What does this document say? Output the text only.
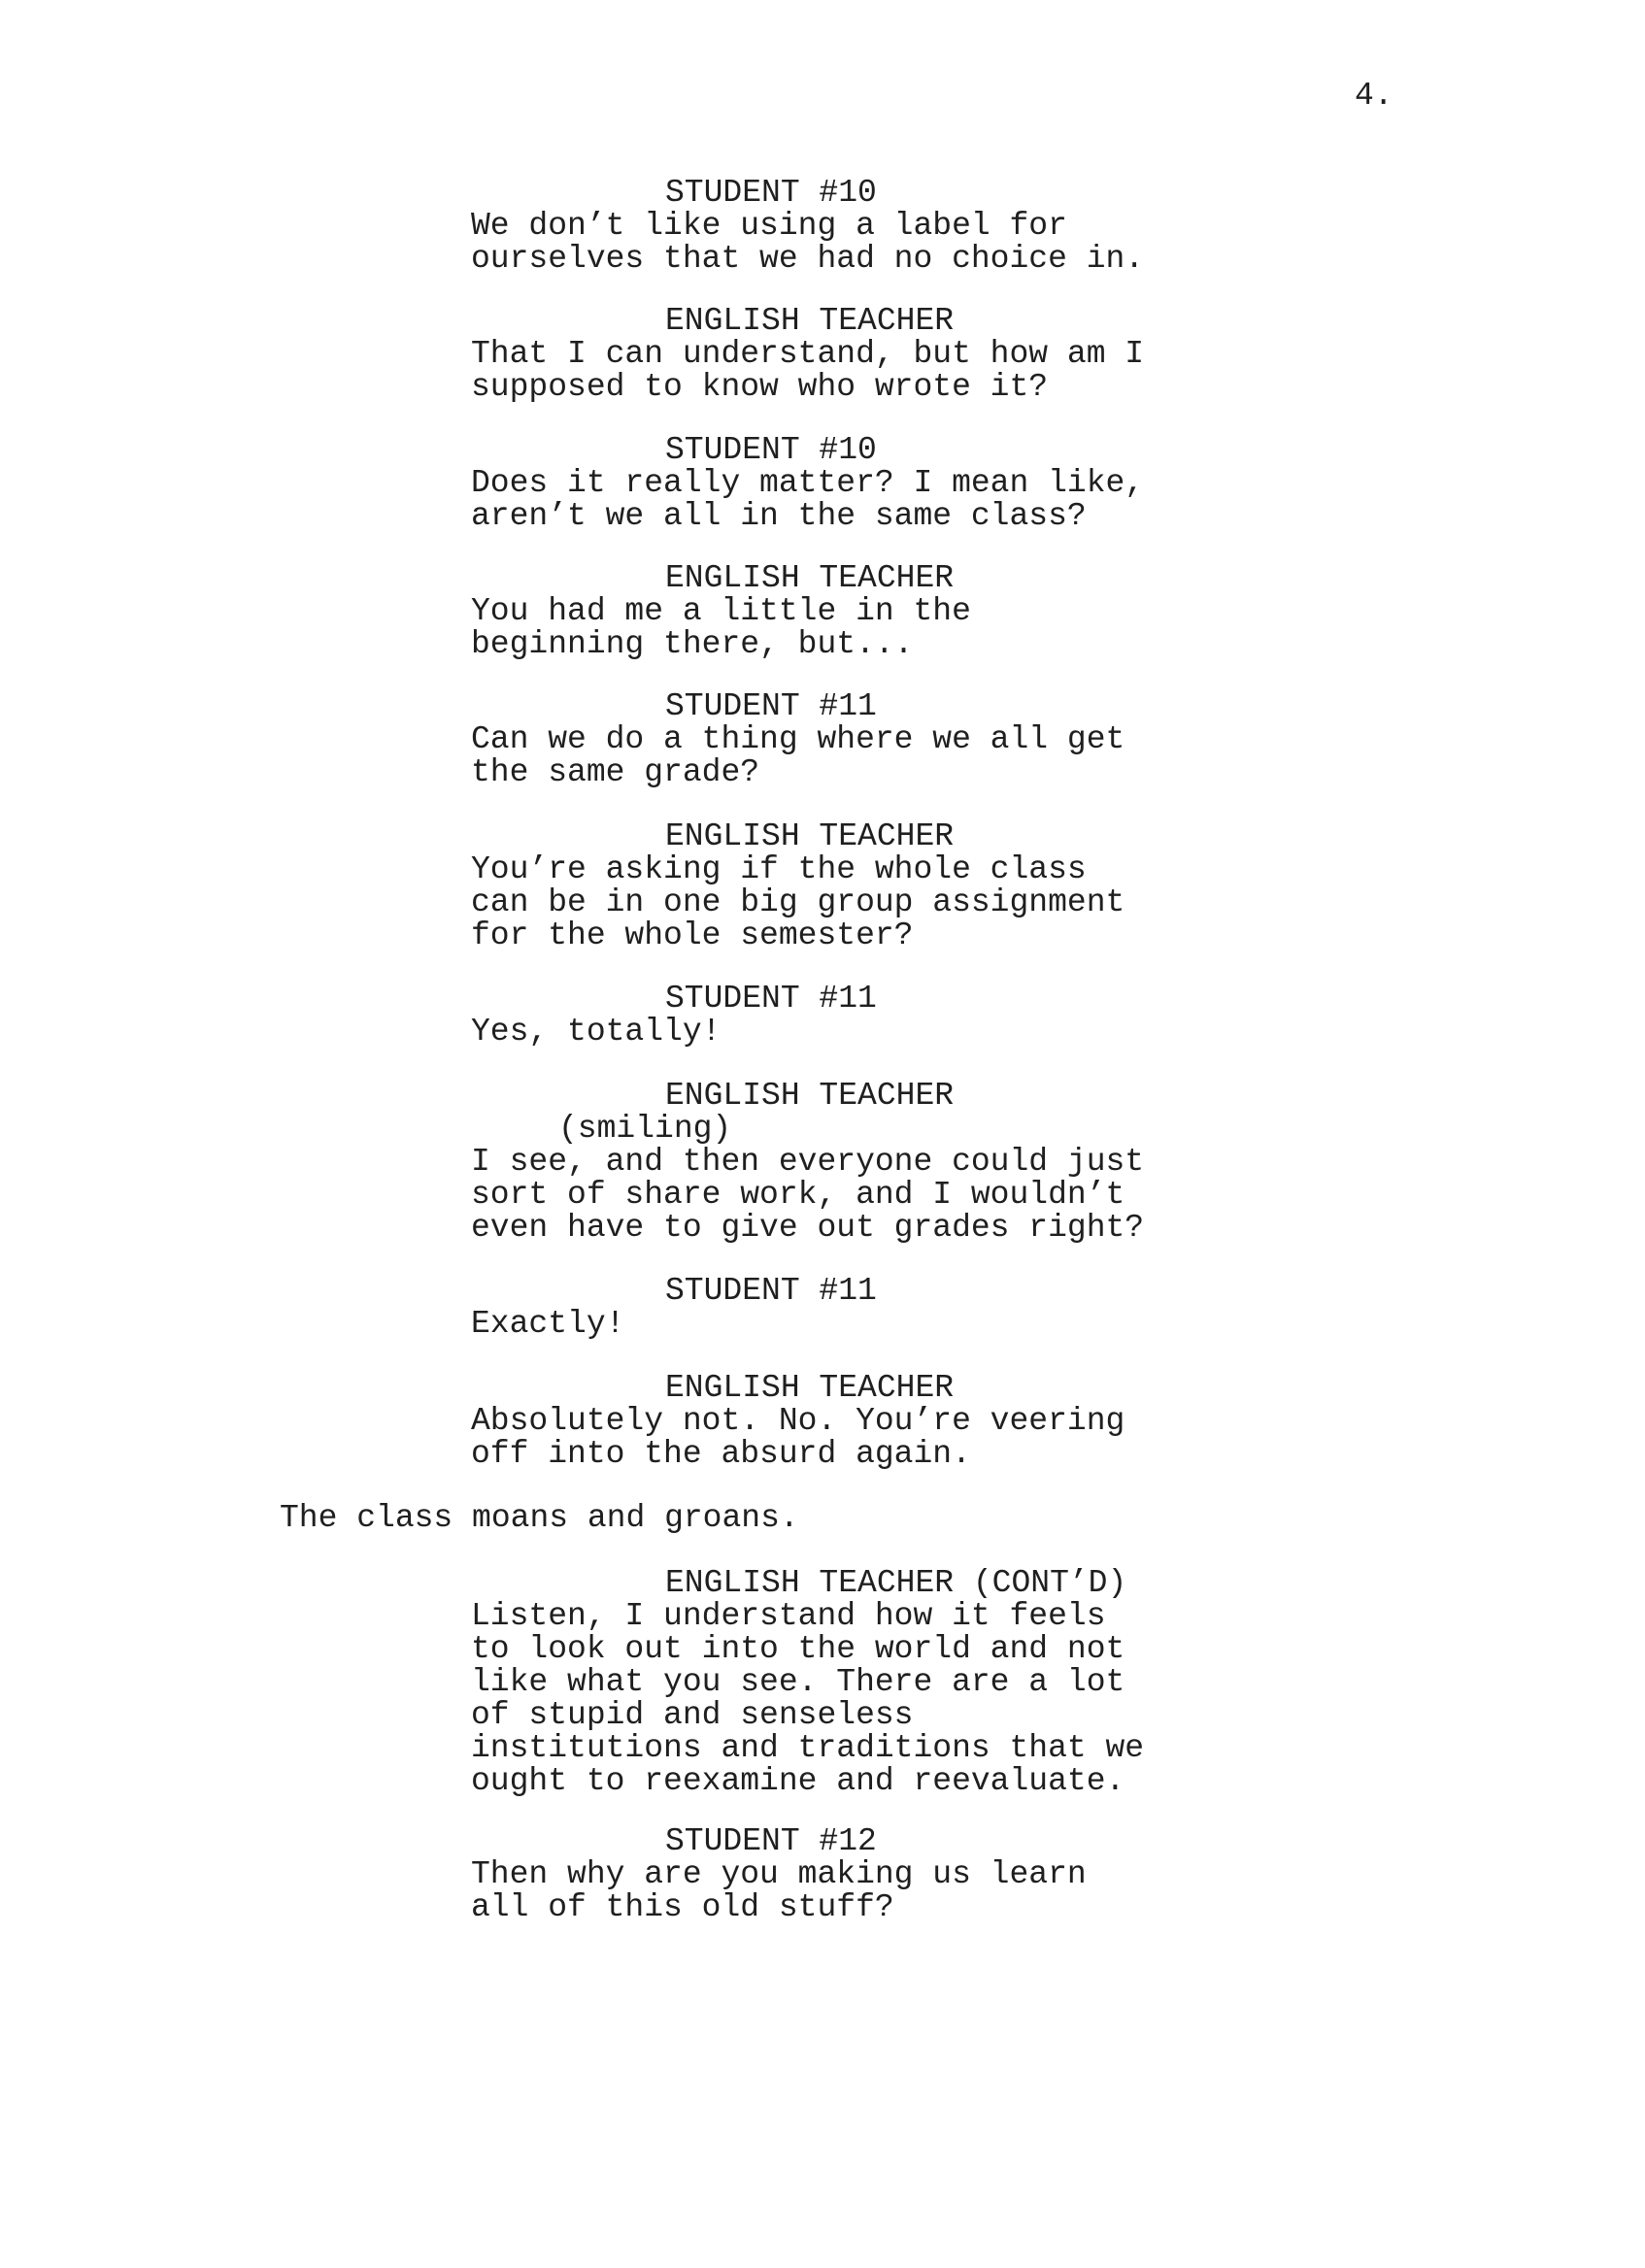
4.

STUDENT #10

We don’t like using a label for
ourselves that we had no choice in.

ENGLISH TEACHER

That I can understand, but how am I
supposed to know who wrote it?

STUDENT #10

Does it really matter? I mean like,
aren’t we all in the same class?

ENGLISH TEACHER

You had me a little in the
beginning there, but...

STUDENT #11

Can we do a thing where we all get
the same grade?

ENGLISH TEACHER

You’re asking if the whole class
can be in one big group assignment
for the whole semester?

STUDENT #11

Yes, totally!

ENGLISH TEACHER

(smiling)

I see, and then everyone could just
sort of share work, and I wouldn’t
even have to give out grades right?

STUDENT #11

Exactly!

ENGLISH TEACHER

Absolutely not. No. You’re veering
off into the absurd again.

The class moans and groans.

ENGLISH TEACHER (CONT’D)

Listen, I understand how it feels
to look out into the world and not
like what you see. There are a lot
of stupid and senseless
institutions and traditions that we
ought to reexamine and reevaluate.

STUDENT #12

Then why are you making us learn
all of this old stuff?
